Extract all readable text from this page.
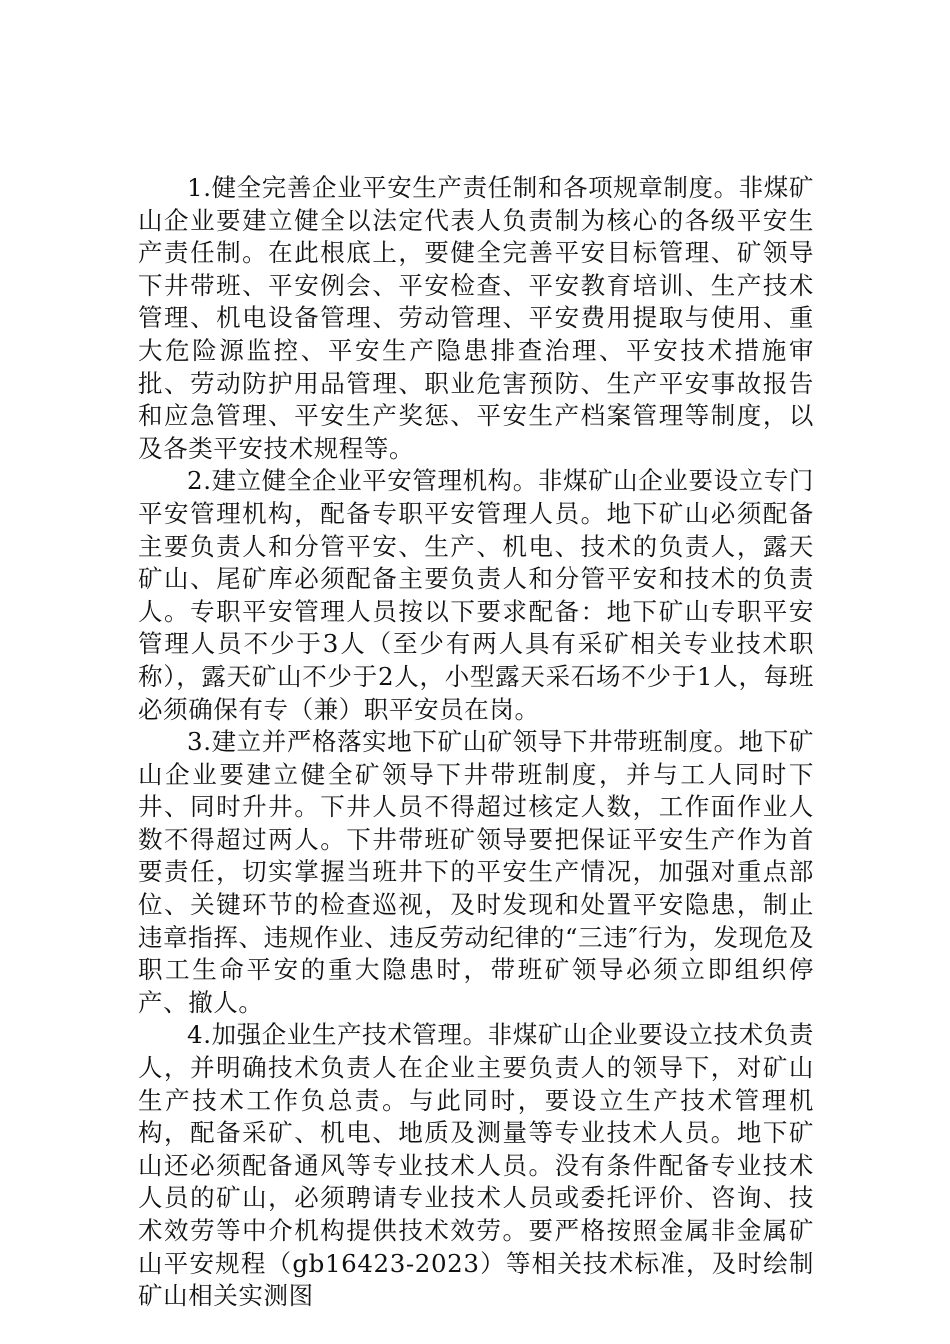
1.健全完善企业平安生产责任制和各项规章制度。非煤矿山企业要建立健全以法定代表人负责制为核心的各级平安生产责任制。在此根底上，要健全完善平安目标管理、矿领导下井带班、平安例会、平安检查、平安教育培训、生产技术管理、机电设备管理、劳动管理、平安费用提取与使用、重大危险源监控、平安生产隐患排查治理、平安技术措施审批、劳动防护用品管理、职业危害预防、生产平安事故报告和应急管理、平安生产奖惩、平安生产档案管理等制度，以及各类平安技术规程等。

2.建立健全企业平安管理机构。非煤矿山企业要设立专门平安管理机构，配备专职平安管理人员。地下矿山必须配备主要负责人和分管平安、生产、机电、技术的负责人，露天矿山、尾矿库必须配备主要负责人和分管平安和技术的负责人。专职平安管理人员按以下要求配备：地下矿山专职平安管理人员不少于3人（至少有两人具有采矿相关专业技术职称），露天矿山不少于2人，小型露天采石场不少于1人，每班必须确保有专（兼）职平安员在岗。

3.建立并严格落实地下矿山矿领导下井带班制度。地下矿山企业要建立健全矿领导下井带班制度，并与工人同时下井、同时升井。下井人员不得超过核定人数，工作面作业人数不得超过两人。下井带班矿领导要把保证平安生产作为首要责任，切实掌握当班井下的平安生产情况，加强对重点部位、关键环节的检查巡视，及时发现和处置平安隐患，制止违章指挥、违规作业、违反劳动纪律的“三违″行为，发现危及职工生命平安的重大隐患时，带班矿领导必须立即组织停产、撤人。

4.加强企业生产技术管理。非煤矿山企业要设立技术负责人，并明确技术负责人在企业主要负责人的领导下，对矿山生产技术工作负总责。与此同时，要设立生产技术管理机构，配备采矿、机电、地质及测量等专业技术人员。地下矿山还必须配备通风等专业技术人员。没有条件配备专业技术人员的矿山，必须聘请专业技术人员或委托评价、咨询、技术效劳等中介机构提供技术效劳。要严格按照金属非金属矿山平安规程（gb16423-2023）等相关技术标准，及时绘制矿山相关实测图
